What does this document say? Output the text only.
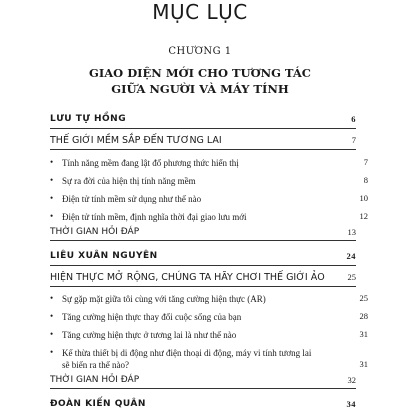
MỤC LỤC
CHƯƠNG 1
GIAO DIỆN MỚI CHO TƯƠNG TÁC
GIỮA NGƯỜI VÀ MÁY TÍNH
LƯU TỰ HỒNG	6
THẾ GIỚI MỀM SẮP ĐẾN TƯƠNG LAI	7
• Tính năng mềm đang lật đổ phương thức hiển thị	7
• Sự ra đời của hiện thị tính năng mềm	8
• Điện tử tính mềm sử dụng như thế nào	10
• Điện tử tính mềm, định nghĩa thời đại giao lưu mới	12
THỜI GIAN HỎI ĐÁP	13
LIÊU XUÂN NGUYÊN	24
HIỆN THỰC MỞ RỘNG, CHÚNG TA HÃY CHƠI THẾ GIỚI ẢO	25
• Sự gặp mặt giữa tôi cùng với tăng cường hiện thực (AR)	25
• Tăng cường hiện thực thay đổi cuộc sống của bạn	28
• Tăng cường hiện thực ở tương lai là như thế nào	31
• Kế thừa thiết bị di động như điện thoại di động, máy vi tính tương lai sẽ biến ra thế nào?	31
THỜI GIAN HỎI ĐÁP	32
ĐOÀN KIẾN QUÂN	34
